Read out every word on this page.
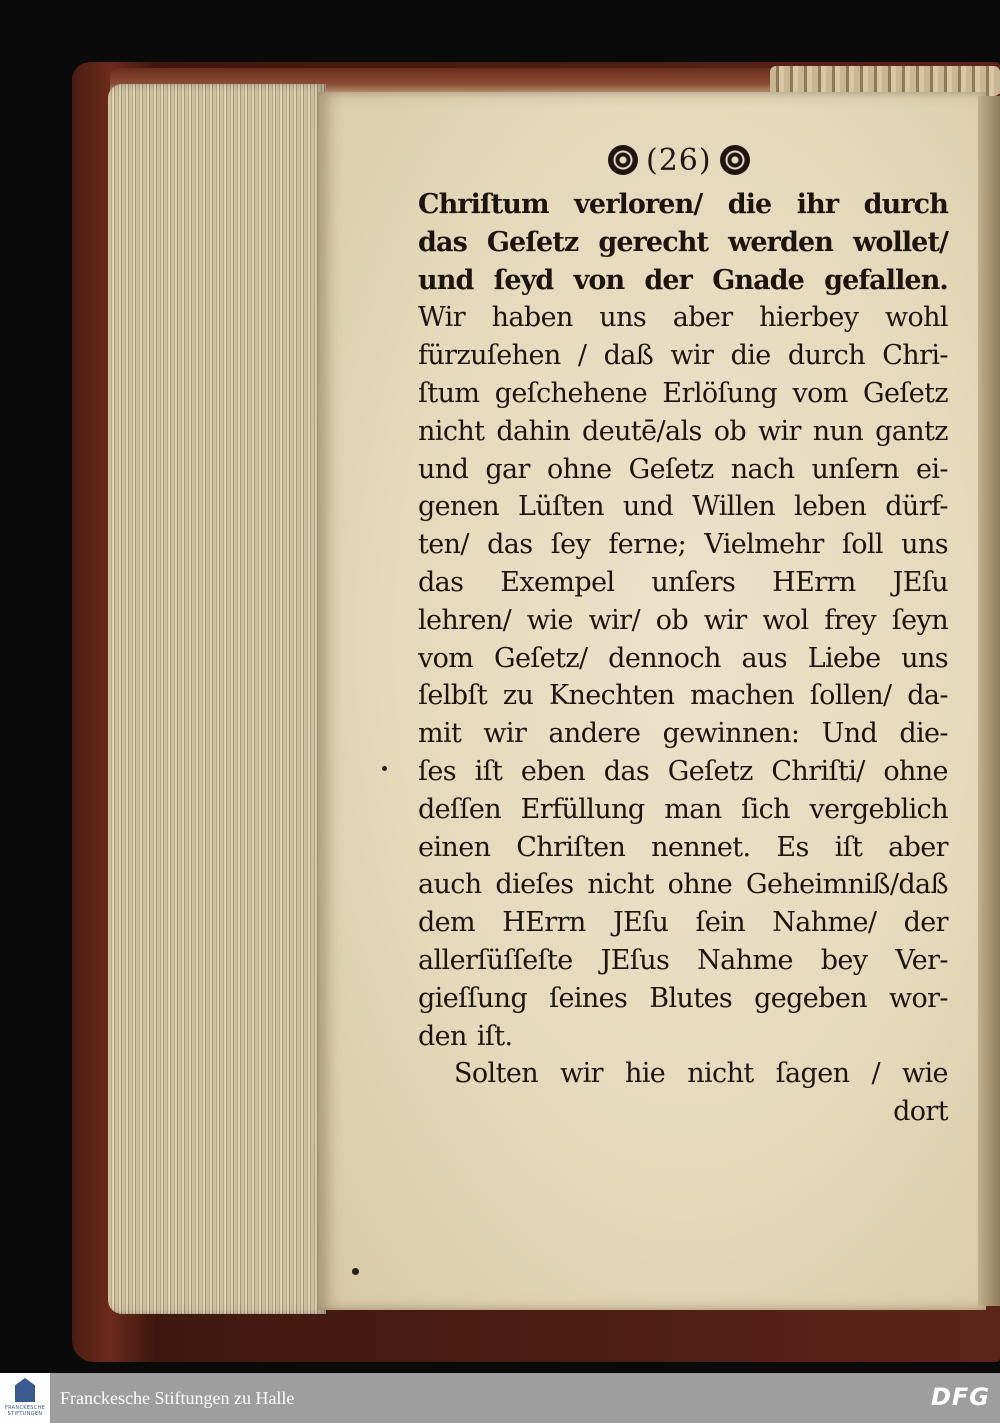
(26)
Chriſtum verloren/ die ihr durch
das Geſetz gerecht werden wollet/
und ſeyd von der Gnade gefallen.
Wir haben uns aber hierbey wohl
fürzuſehen / daß wir die durch Chri-
ſtum geſchehene Erlöſung vom Geſetz
nicht dahin deutē/als ob wir nun gantz
und gar ohne Geſetz nach unſern ei-
genen Lüſten und Willen leben dürf-
ten/ das ſey ferne; Vielmehr ſoll uns
das Exempel unſers HErrn JEſu
lehren/ wie wir/ ob wir wol frey ſeyn
vom Geſetz/ dennoch aus Liebe uns
ſelbſt zu Knechten machen ſollen/ da-
mit wir andere gewinnen: Und die-
ſes iſt eben das Geſetz Chriſti/ ohne
deſſen Erfüllung man ſich vergeblich
einen Chriſten nennet. Es iſt aber
auch dieſes nicht ohne Geheimniß/daß
dem HErrn JEſu ſein Nahme/ der
allerſüſſeſte JEſus Nahme bey Ver-
gieſſung ſeines Blutes gegeben wor-
den iſt.
Solten wir hie nicht ſagen / wie
dort

FRANCKESCHE
STIFTUNGEN
Franckesche Stiftungen zu Halle	DFG
